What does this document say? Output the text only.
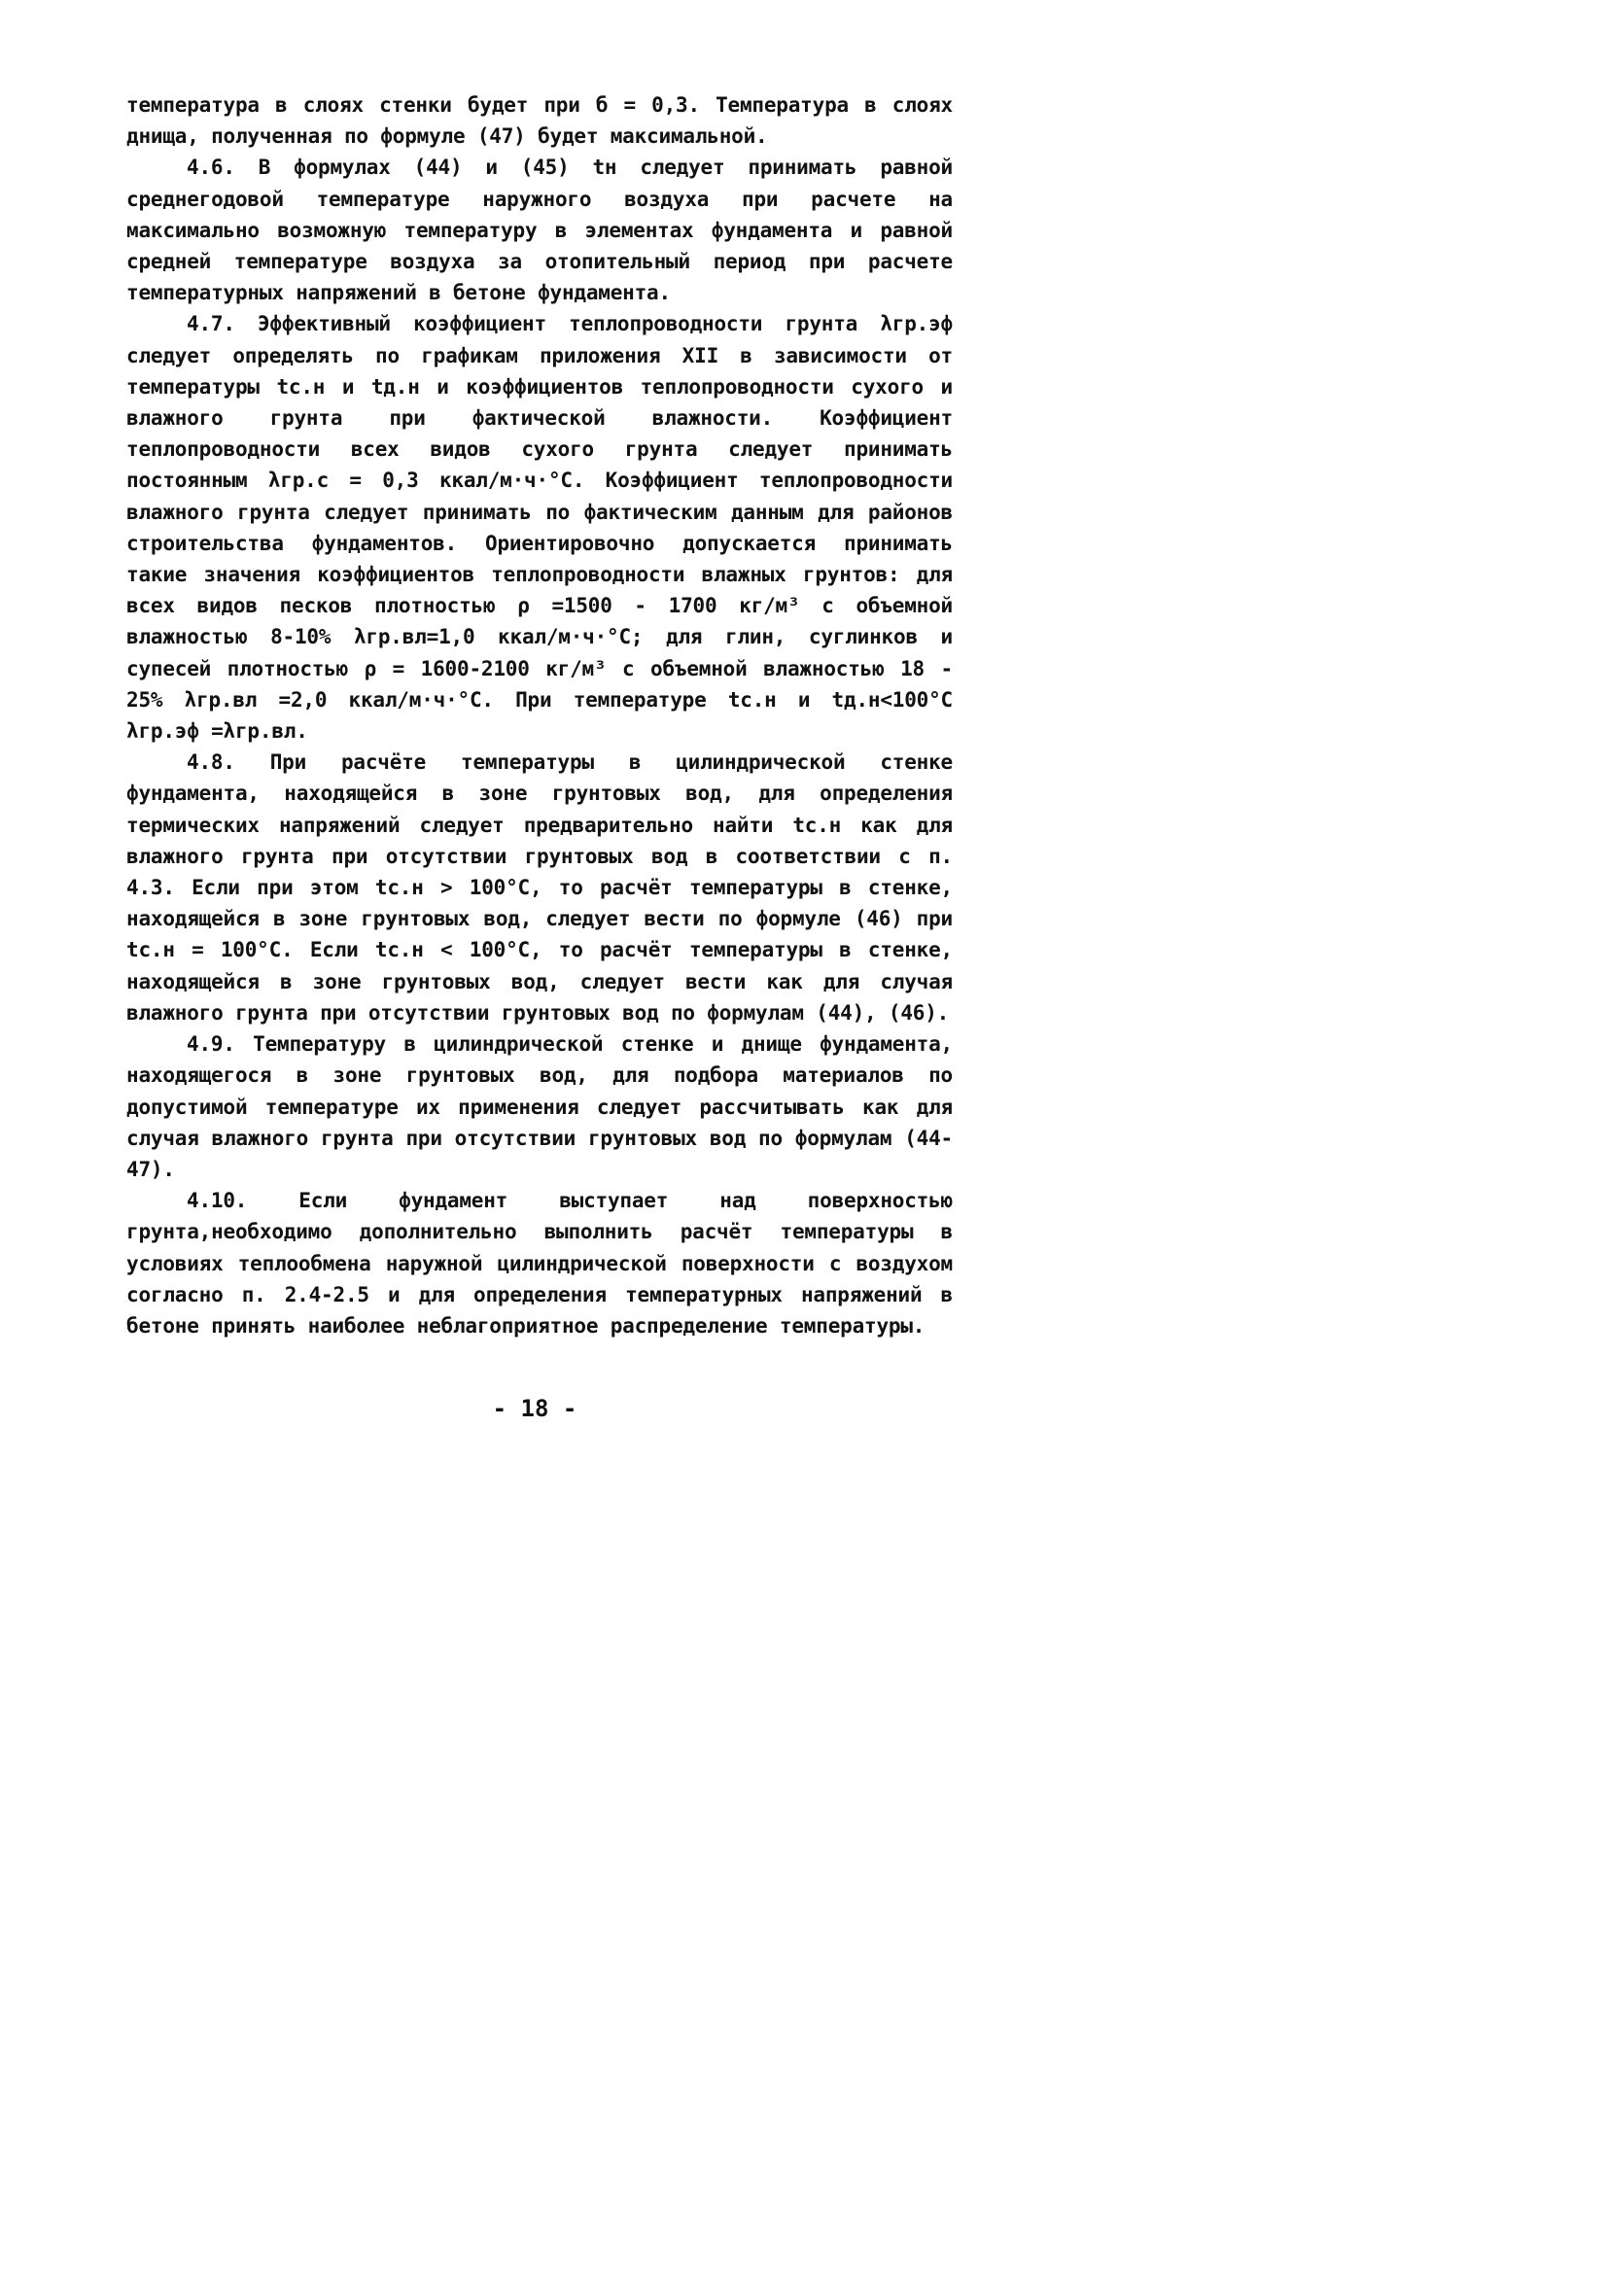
температура в слоях стенки будет при б = 0,3. Температура в слоях днища, полученная по формуле (47) будет максимальной.

4.6. В формулах (44) и (45) tн следует принимать равной среднегодовой температуре наружного воздуха при расчете на максимально возможную температуру в элементах фундамента и равной средней температуре воздуха за отопительный период при расчете температурных напряжений в бетоне фундамента.

4.7. Эффективный коэффициент теплопроводности грунта λгр.эф следует определять по графикам приложения XII в зависимости от температуры tс.н и tд.н и коэффициентов теплопроводности сухого и влажного грунта при фактической влажности. Коэффициент теплопроводности всех видов сухого грунта следует принимать постоянным λгр.с = 0,3 ккал/м·ч·°С. Коэффициент теплопроводности влажного грунта следует принимать по фактическим данным для районов строительства фундаментов. Ориентировочно допускается принимать такие значения коэффициентов теплопроводности влажных грунтов: для всех видов песков плотностью ρ =1500 - 1700 кг/м³ с объемной влажностью 8-10% λгр.вл=1,0 ккал/м·ч·°С; для глин, суглинков и супесей плотностью ρ = 1600-2100 кг/м³ с объемной влажностью 18 - 25% λгр.вл =2,0 ккал/м·ч·°С. При температуре tс.н и tд.н<100°С λгр.эф =λгр.вл.

4.8. При расчёте температуры в цилиндрической стенке фундамента, находящейся в зоне грунтовых вод, для определения термических напряжений следует предварительно найти tс.н как для влажного грунта при отсутствии грунтовых вод в соответствии с п. 4.3. Если при этом tс.н > 100°С, то расчёт температуры в стенке, находящейся в зоне грунтовых вод, следует вести по формуле (46) при tс.н = 100°С. Если tс.н < 100°С, то расчёт температуры в стенке, находящейся в зоне грунтовых вод, следует вести как для случая влажного грунта при отсутствии грунтовых вод по формулам (44), (46).

4.9. Температуру в цилиндрической стенке и днище фундамента, находящегося в зоне грунтовых вод, для подбора материалов по допустимой температуре их применения следует рассчитывать как для случая влажного грунта при отсутствии грунтовых вод по формулам (44-47).

4.10. Если фундамент выступает над поверхностью грунта,необходимо дополнительно выполнить расчёт температуры в условиях теплообмена наружной цилиндрической поверхности с воздухом согласно п. 2.4-2.5 и для определения температурных напряжений в бетоне принять наиболее неблагоприятное распределение температуры.

- 18 -
